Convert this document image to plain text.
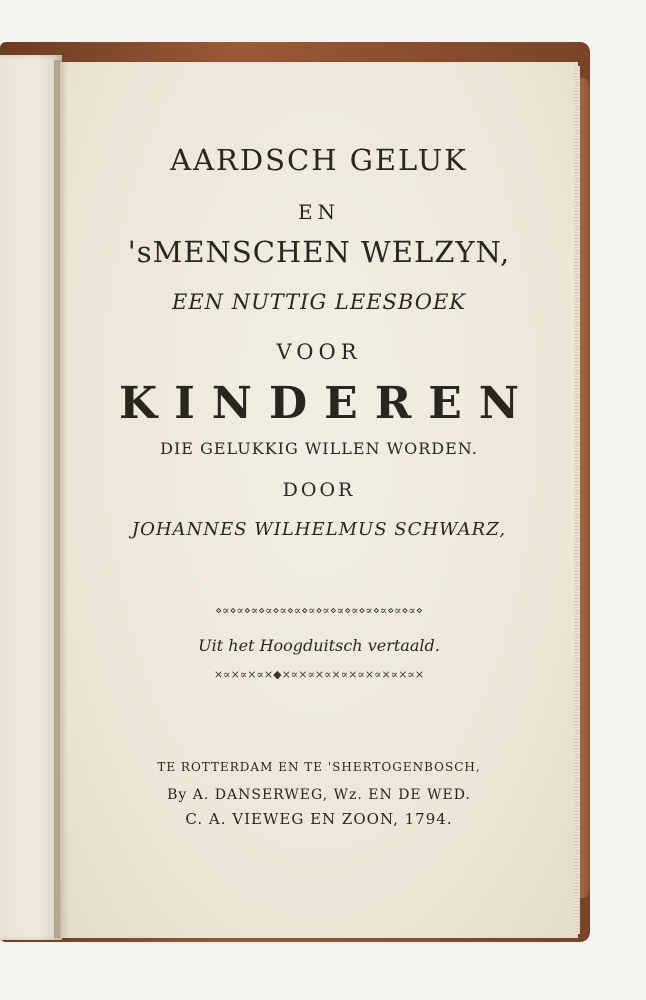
AARDSCH GELUK

EN

'sMENSCHEN WELZYN,

EEN NUTTIG LEESBOEK

VOOR

KINDEREN

DIE GELUKKIG WILLEN WORDEN.

DOOR

JOHANNES WILHELMUS SCHWARZ,

⋄∝⋄∝⋄∝⋄∝⋄∝⋄∝⋄∝⋄∝⋄∝⋄∝⋄∝⋄∝⋄∝⋄∝⋄

Uit het Hoogduitsch vertaald.

×∝×∝×∝×◆×∝×∝×∝×∝×∝×∝×∝×∝×

TE ROTTERDAM EN TE 'SHERTOGENBOSCH,

By A. DANSERWEG, Wz. EN DE WED.

C. A. VIEWEG EN ZOON, 1794.
